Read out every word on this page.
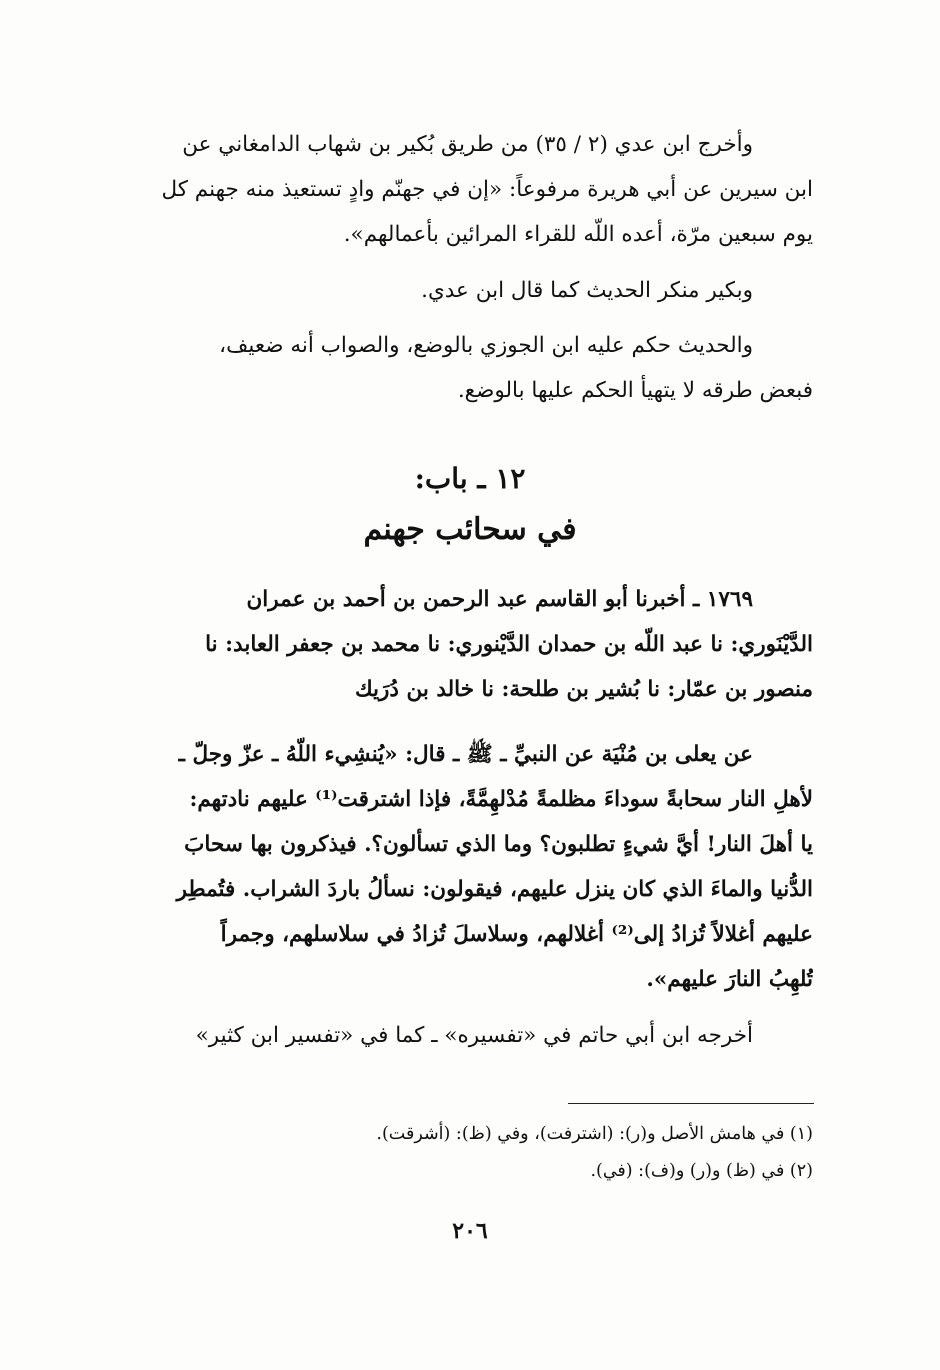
وأخرج ابن عدي (٢ / ٣٥) من طريق بُكير بن شهاب الدامغاني عن
ابن سيرين عن أبي هريرة مرفوعاً: «إن في جهنّم وادٍ تستعيذ منه جهنم كل
يوم سبعين مرّة، أعده اللّه للقراء المرائين بأعمالهم».
وبكير منكر الحديث كما قال ابن عدي.
والحديث حكم عليه ابن الجوزي بالوضع، والصواب أنه ضعيف،
فبعض طرقه لا يتهيأ الحكم عليها بالوضع.
١٢ ـ باب:
في سحائب جهنم
١٧٦٩ ـ أخبرنا أبو القاسم عبد الرحمن بن أحمد بن عمران
الدَّيْنَوري: نا عبد اللّه بن حمدان الدَّيْنوري: نا محمد بن جعفر العابد: نا
منصور بن عمّار: نا بُشير بن طلحة: نا خالد بن دُرَيك
عن يعلى بن مُنْيَة عن النبيِّ ـ ﷺ ـ قال: «يُنشِيء اللّهُ ـ عزّ وجلّ ـ
لأهلِ النار سحابةً سوداءَ مظلمةً مُدْلهِمَّةً، فإذا اشترقت⁽¹⁾ عليهم نادتهم:
يا أهلَ النار! أيَّ شيءٍ تطلبون؟ وما الذي تسألون؟. فيذكرون بها سحابَ
الدُّنيا والماءَ الذي كان ينزل عليهم، فيقولون: نسألُ باردَ الشراب. فتُمطِر
عليهم أغلالاً تُزادُ إلى⁽²⁾ أغلالهم، وسلاسلَ تُزادُ في سلاسلهم، وجمراً
تُلهِبُ النارَ عليهم».
أخرجه ابن أبي حاتم في «تفسيره» ـ كما في «تفسير ابن كثير»
(١) في هامش الأصل و(ر): (اشترفت)، وفي (ظ): (أشرقت).
(٢) في (ظ) و(ر) و(ف): (في).
٢٠٦
